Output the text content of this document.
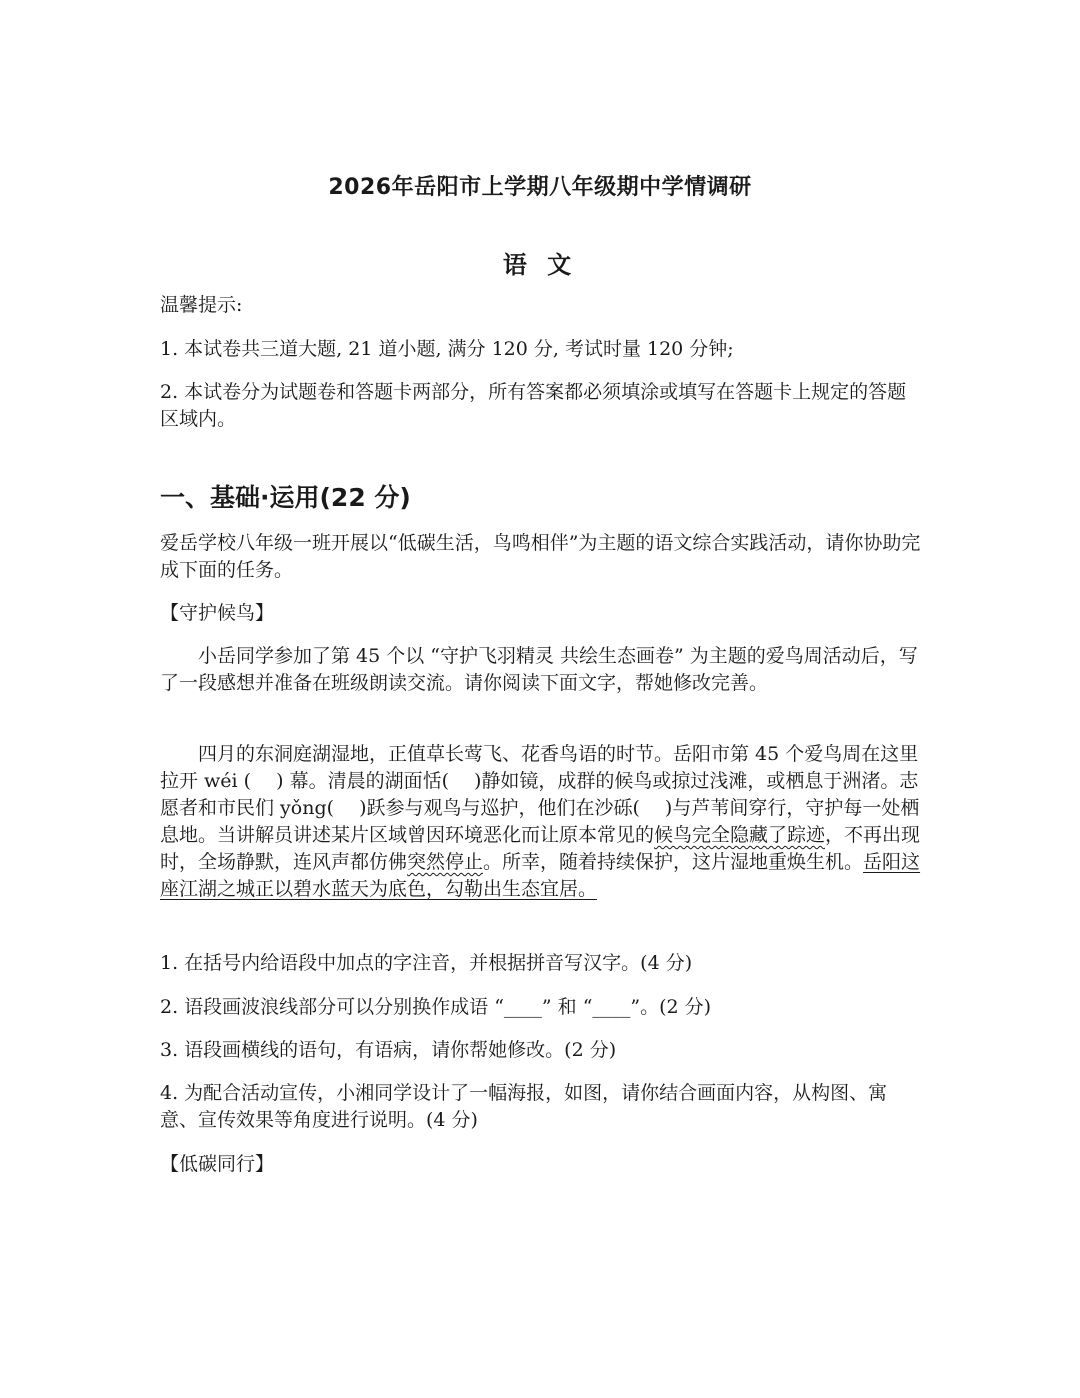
2026年岳阳市上学期八年级期中学情调研
语 文

温馨提示:

1. 本试卷共三道大题, 21 道小题, 满分 120 分, 考试时量 120 分钟;

2. 本试卷分为试题卷和答题卡两部分，所有答案都必须填涂或填写在答题卡上规定的答题区域内。

一、基础·运用(22 分)

爱岳学校八年级一班开展以“低碳生活，鸟鸣相伴”为主题的语文综合实践活动，请你协助完成下面的任务。

【守护候鸟】

小岳同学参加了第 45 个以 “守护飞羽精灵 共绘生态画卷” 为主题的爱鸟周活动后，写了一段感想并准备在班级朗读交流。请你阅读下面文字，帮她修改完善。

四月的东洞庭湖湿地，正值草长莺飞、花香鸟语的时节。岳阳市第 45 个爱鸟周在这里拉开 wéi (　 ) 幕。清晨的湖面恬(　 )静如镜，成群的候鸟或掠过浅滩，或栖息于洲渚。志愿者和市民们 yǒng(　 )跃参与观鸟与巡护，他们在沙砾(　 )与芦苇间穿行，守护每一处栖息地。当讲解员讲述某片区域曾因环境恶化而让原本常见的候鸟完全隐藏了踪迹，不再出现时，全场静默，连风声都仿佛突然停止。所幸，随着持续保护，这片湿地重焕生机。岳阳这座江湖之城正以碧水蓝天为底色，勾勒出生态宜居。

1. 在括号内给语段中加点的字注音，并根据拼音写汉字。(4 分)

2. 语段画波浪线部分可以分别换作成语 “____” 和 “____”。(2 分)

3. 语段画横线的语句，有语病，请你帮她修改。(2 分)

4. 为配合活动宣传，小湘同学设计了一幅海报，如图，请你结合画面内容，从构图、寓意、宣传效果等角度进行说明。(4 分)

【低碳同行】
